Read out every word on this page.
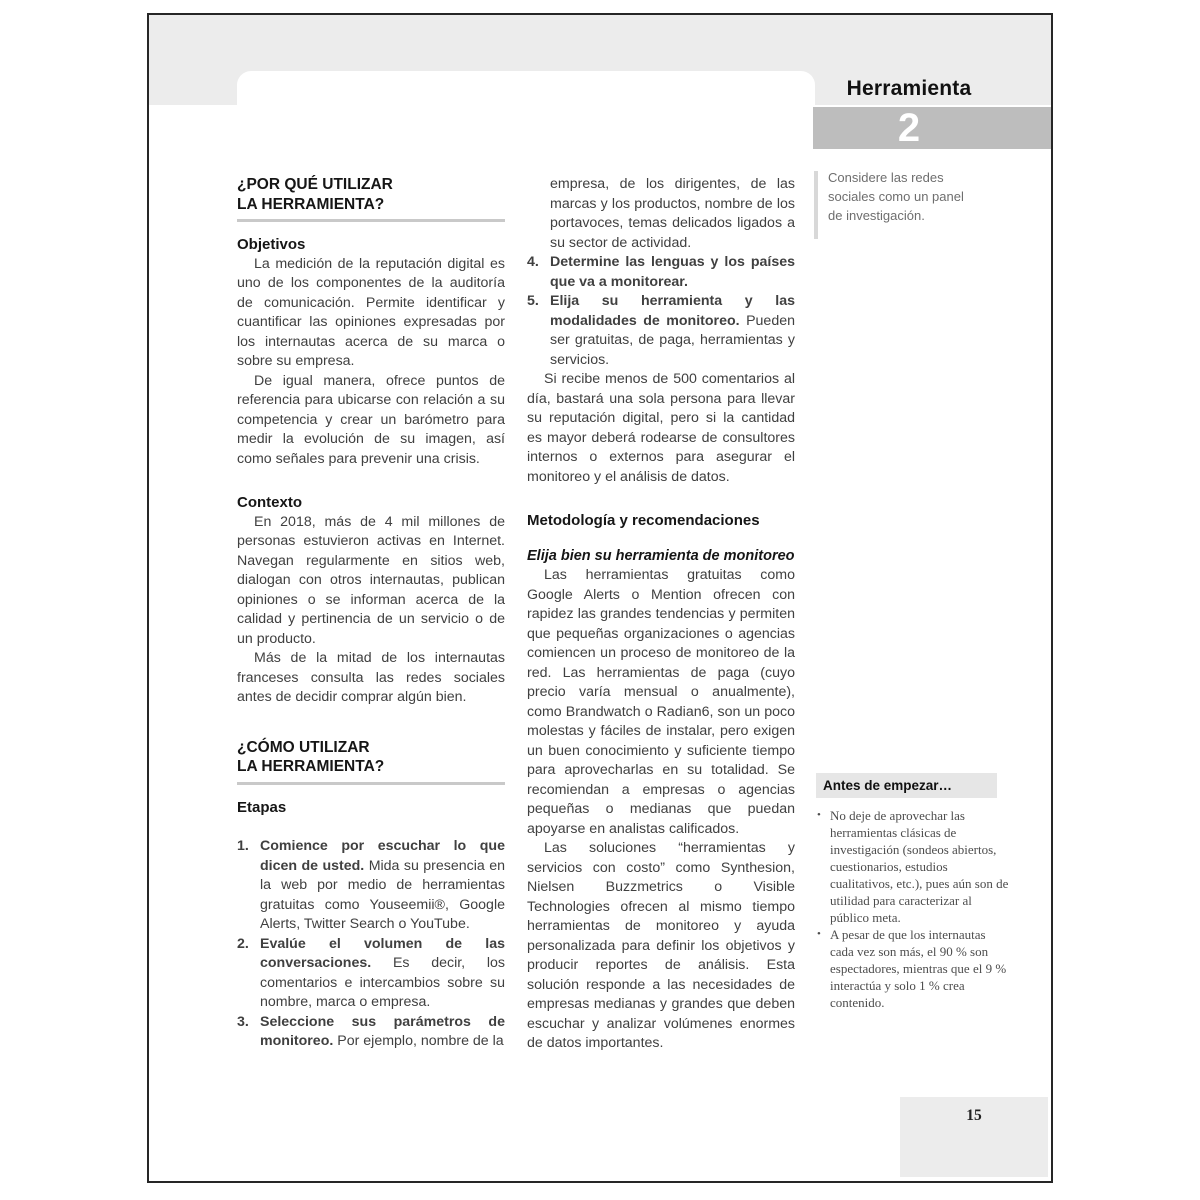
Herramienta
2

Considere las redes sociales como un panel de investigación.

¿POR QUÉ UTILIZAR
LA HERRAMIENTA?
Objetivos

La medición de la reputación digital es uno de los componentes de la auditoría de comunicación. Permite identificar y cuantificar las opiniones expresadas por los internautas acerca de su marca o sobre su empresa.

De igual manera, ofrece puntos de referencia para ubicarse con relación a su competencia y crear un barómetro para medir la evolución de su imagen, así como señales para prevenir una crisis.

Contexto

En 2018, más de 4 mil millones de personas estuvieron activas en Internet. Navegan regularmente en sitios web, dialogan con otros internautas, publican opiniones o se informan acerca de la calidad y pertinencia de un servicio o de un producto.

Más de la mitad de los internautas franceses consulta las redes sociales antes de decidir comprar algún bien.

¿CÓMO UTILIZAR
LA HERRAMIENTA?
Etapas
1. Comience por escuchar lo que dicen de usted. Mida su presencia en la web por medio de herramientas gratuitas como Youseemii®, Google Alerts, Twitter Search o YouTube.
2. Evalúe el volumen de las conversaciones. Es decir, los comentarios e intercambios sobre su nombre, marca o empresa.
3. Seleccione sus parámetros de monitoreo. Por ejemplo, nombre de la
empresa, de los dirigentes, de las marcas y los productos, nombre de los portavoces, temas delicados ligados a su sector de actividad.
4. Determine las lenguas y los países que va a monitorear.
5. Elija su herramienta y las modalidades de monitoreo. Pueden ser gratuitas, de paga, herramientas y servicios.

Si recibe menos de 500 comentarios al día, bastará una sola persona para llevar su reputación digital, pero si la cantidad es mayor deberá rodearse de consultores internos o externos para asegurar el monitoreo y el análisis de datos.

Metodología y recomendaciones
Elija bien su herramienta de monitoreo

Las herramientas gratuitas como Google Alerts o Mention ofrecen con rapidez las grandes tendencias y permiten que pequeñas organizaciones o agencias comiencen un proceso de monitoreo de la red. Las herramientas de paga (cuyo precio varía mensual o anualmente), como Brandwatch o Radian6, son un poco molestas y fáciles de instalar, pero exigen un buen conocimiento y suficiente tiempo para aprovecharlas en su totalidad. Se recomiendan a empresas o agencias pequeñas o medianas que puedan apoyarse en analistas calificados.

Las soluciones “herramientas y servicios con costo” como Synthesion, Nielsen Buzzmetrics o Visible Technologies ofrecen al mismo tiempo herramientas de monitoreo y ayuda personalizada para definir los objetivos y producir reportes de análisis. Esta solución responde a las necesidades de empresas medianas y grandes que deben escuchar y analizar volúmenes enormes de datos importantes.

Antes de empezar…
• No deje de aprovechar las herramientas clásicas de investigación (sondeos abiertos, cuestionarios, estudios cualitativos, etc.), pues aún son de utilidad para caracterizar al público meta.
• A pesar de que los internautas cada vez son más, el 90 % son espectadores, mientras que el 9 % interactúa y solo 1 % crea contenido.
15
